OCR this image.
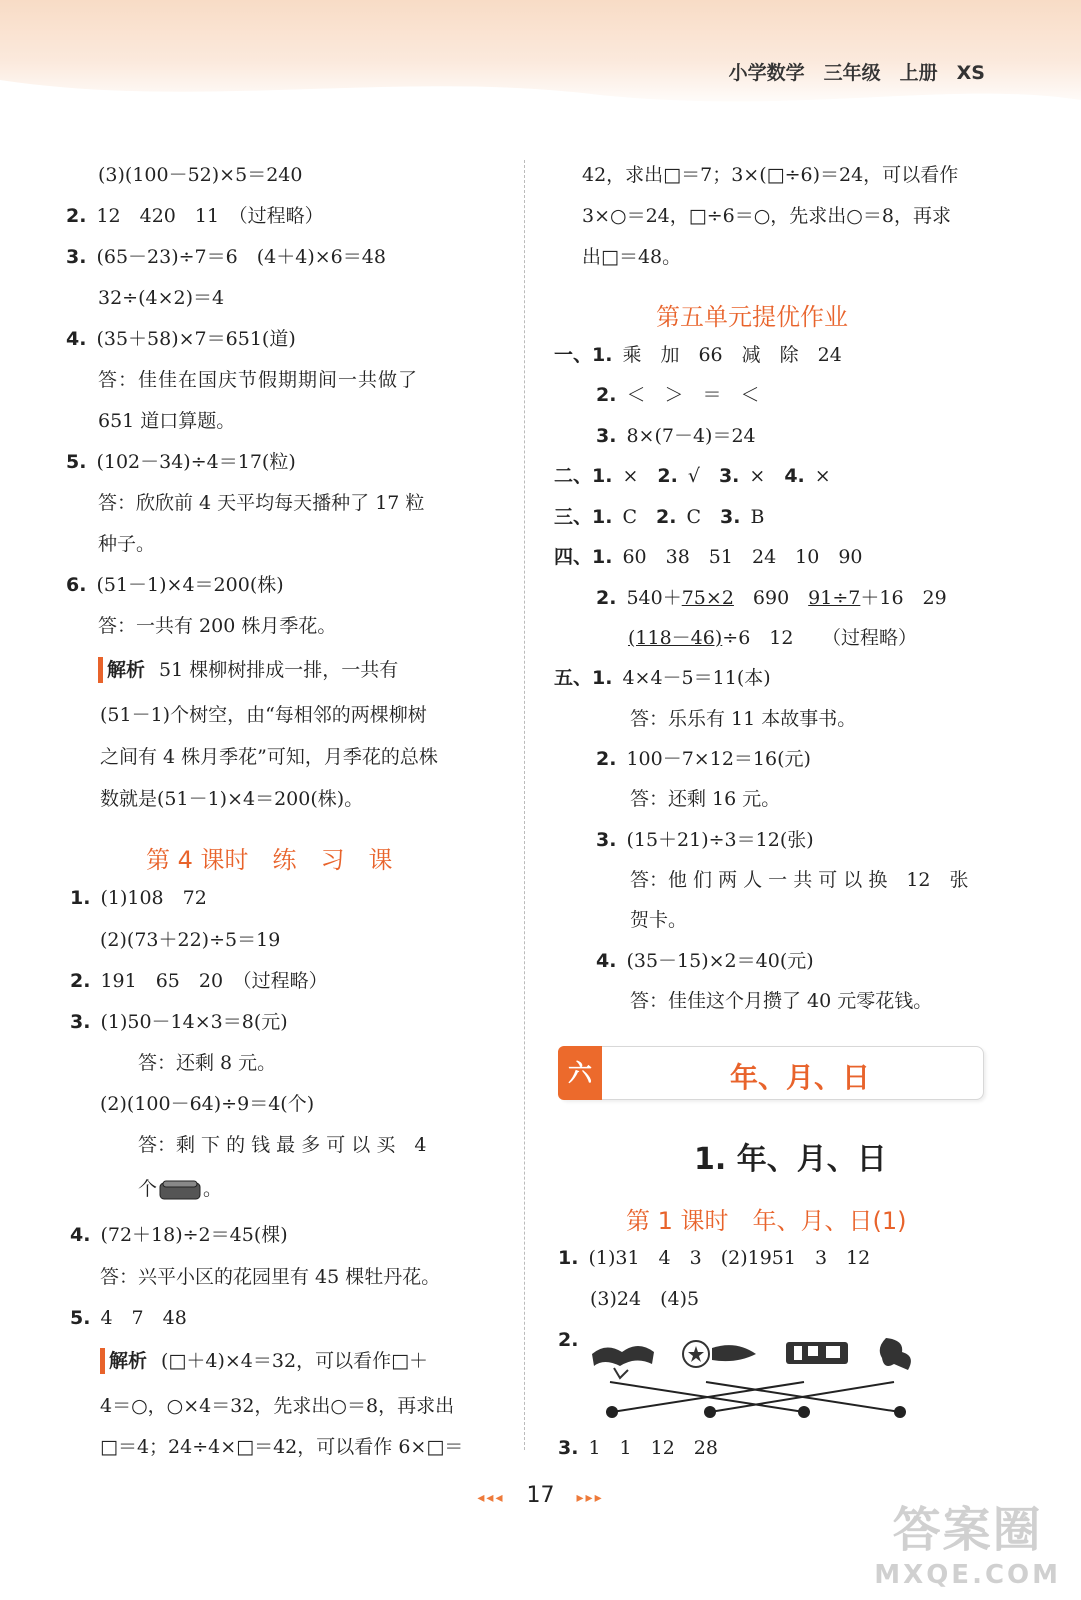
小学数学　 三年级　 上册　 XS
(3)(100－52)×5＝240
2. 12　420　11　（过程略）
3. (65－23)÷7＝6　(4＋4)×6＝48
32÷(4×2)＝4
4. (35＋58)×7＝651(道)
答：佳佳在国庆节假期期间一共做了
651 道口算题。
5. (102－34)÷4＝17(粒)
答：欣欣前 4 天平均每天播种了 17 粒
种子。
6. (51－1)×4＝200(株)
答：一共有 200 株月季花。
解析 51 棵柳树排成一排，一共有
(51－1)个树空，由“每相邻的两棵柳树
之间有 4 株月季花”可知，月季花的总株
数就是(51－1)×4＝200(株)。
第 4 课时　练　习　课
1. (1)108　72
(2)(73＋22)÷5＝19
2. 191　65　20　（过程略）
3. (1)50－14×3＝8(元)
答：还剩 8 元。
(2)(100－64)÷9＝4(个)
答：剩 下 的 钱 最 多 可 以 买　4
个 。
4. (72＋18)÷2＝45(棵)
答：兴平小区的花园里有 45 棵牡丹花。
5. 4　7　48
解析 (□＋4)×4＝32，可以看作□＋
4＝○，○×4＝32，先求出○＝8，再求出
□＝4；24÷4×□＝42，可以看作 6×□＝
42，求出□＝7；3×(□÷6)＝24，可以看作
3×○＝24，□÷6＝○，先求出○＝8，再求
出□＝48。
第五单元提优作业
一、1. 乘　加　66　减　除　24
2. ＜　＞　＝　＜
3. 8×(7－4)＝24
二、1. ×　2. √　3. ×　4. ×
三、1. C　2. C　3. B
四、1. 60　38　51　24　10　90
2. 540＋75×2　690　91÷7＋16　29
(118－46)÷6　12　　（过程略）
五、1. 4×4－5＝11(本)
答：乐乐有 11 本故事书。
2. 100－7×12＝16(元)
答：还剩 16 元。
3. (15＋21)÷3＝12(张)
答：他 们 两 人 一 共 可 以 换　12　张
贺卡。
4. (35－15)×2＝40(元)
答：佳佳这个月攒了 40 元零花钱。
六	年、月、日
1. 年、月、日
第 1 课时　年、月、日(1)
1. (1)31　4　3　(2)1951　3　12
(3)24　(4)5
2.
3. 1　1　12　28
◂◂◂　 17　 ▸▸▸
答案圈
MXQE.COM
